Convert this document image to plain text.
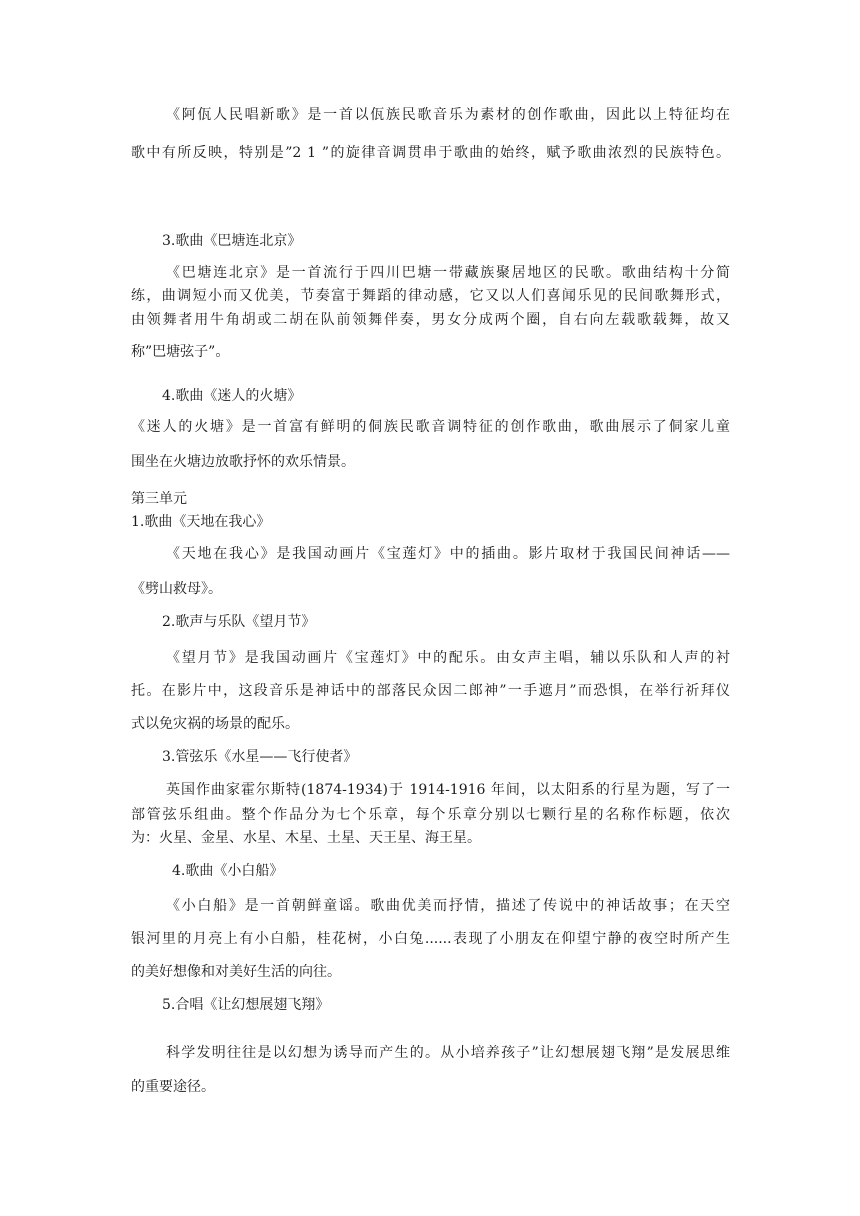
《阿佤人民唱新歌》是一首以佤族民歌音乐为素材的创作歌曲，因此以上特征均在
歌中有所反映，特别是”2 1 ”的旋律音调贯串于歌曲的始终，赋予歌曲浓烈的民族特色。
3.歌曲《巴塘连北京》
《巴塘连北京》是一首流行于四川巴塘一带藏族聚居地区的民歌。歌曲结构十分简
练，曲调短小而又优美，节奏富于舞蹈的律动感，它又以人们喜闻乐见的民间歌舞形式，
由领舞者用牛角胡或二胡在队前领舞伴奏，男女分成两个圈，自右向左载歌载舞，故又
称”巴塘弦子”。
4.歌曲《迷人的火塘》
《迷人的火塘》是一首富有鲜明的侗族民歌音调特征的创作歌曲，歌曲展示了侗家儿童
围坐在火塘边放歌抒怀的欢乐情景。
第三单元
1.歌曲《天地在我心》
《天地在我心》是我国动画片《宝莲灯》中的插曲。影片取材于我国民间神话——
《劈山救母》。
2.歌声与乐队《望月节》
《望月节》是我国动画片《宝莲灯》中的配乐。由女声主唱，辅以乐队和人声的衬
托。在影片中，这段音乐是神话中的部落民众因二郎神”一手遮月”而恐惧，在举行祈拜仪
式以免灾祸的场景的配乐。
3.管弦乐《水星——飞行使者》
英国作曲家霍尔斯特(1874-1934)于 1914-1916 年间，以太阳系的行星为题，写了一
部管弦乐组曲。整个作品分为七个乐章，每个乐章分别以七颗行星的名称作标题，依次
为：火星、金星、水星、木星、土星、天王星、海王星。
4.歌曲《小白船》
《小白船》是一首朝鲜童谣。歌曲优美而抒情，描述了传说中的神话故事；在天空
银河里的月亮上有小白船，桂花树，小白兔......表现了小朋友在仰望宁静的夜空时所产生
的美好想像和对美好生活的向往。
5.合唱《让幻想展翅飞翔》
科学发明往往是以幻想为诱导而产生的。从小培养孩子”让幻想展翅飞翔”是发展思维
的重要途径。
